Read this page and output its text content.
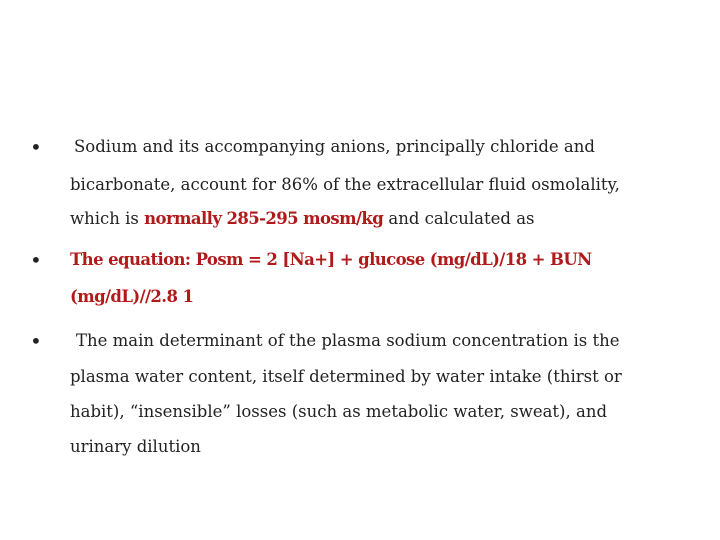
• Sodium and its accompanying anions, principally chloride and
bicarbonate, account for 86% of the extracellular fluid osmolality,
which is normally 285-295 mosm/kg and calculated as
• The equation: Posm = 2 [Na+] + glucose (mg/dL)/18 + BUN
(mg/dL)//2.8 1
• The main determinant of the plasma sodium concentration is the
plasma water content, itself determined by water intake (thirst or
habit), “insensible” losses (such as metabolic water, sweat), and
urinary dilution
